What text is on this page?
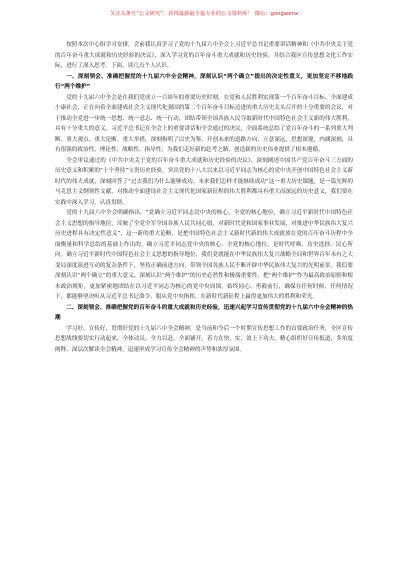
关注头条号“公文研究”，获得最新最全最专业的公文资料库！ 微信：gongwenx

按照本次中心组学习安排，会前我认真学习了党的十九届六中全会上习近平总书记重要讲话精神和《中共中央关于党的百年奋斗重大成就和历史经验的决议》，深入学习党的百年奋斗重大成就和历史经验，并结合我区宣传思想文化工作实际，进行了深入思考。下面，谈几点个人认识。

一、深刻领会、准确把握党的十九届六中全会精神，深刻认识“两个确立”提出的决定性意义，更加坚定不移地践行“两个维护”

党的十九届六中全会是在我们党成立一百周年的重要历史时刻，在党和人民胜利实现第一个百年奋斗目标、全面建成小康社会，正在向着全面建成社会主义现代化强国的第二个百年奋斗目标迈进的重大历史关头召开的十分重要的会议，对于推动全党进一步统一思想、统一意志、统一行动，团结带领全国各族人民夺取新时代中国特色社会主义新的伟大胜利，具有十分重大的意义。习近平总书记在全会上的重要讲话和全会通过的决议，全面系统总结了党百年奋斗的一系列重大判断、重大观点、重大论断、重大举措，深刻指明了以史为鉴、开创未来的道路方向，立意深远，思想深邃，内涵深刻，具有很强的政治性、理论性、战略性、指导性，为我们走好新的赶考之路、创造新的历史伟业提供了根本遵循。

全会审议通过的《中共中央关于党的百年奋斗重大成就和历史经验的决议》，深刻阐述中国共产党百年奋斗三方面的历史意义和积累的“十个坚持”宝贵历史经验，突出党的十八大以来以习近平同志为核心的党中央开创中国特色社会主义新时代的伟大成就，深刻回答了“过去我们为什么能够成功、未来我们怎样才能继续成功”这一重大历史课题，是一篇光辉的马克思主义纲领性文献，对推动全面建设社会主义现代化国家新征程的伟大胜利都具有重大而深远的历史意义，我们要在实践中深入学习，认真贯彻。

党的十九届六中全会明确指出，“党确立习近平同志党中央的核心、全党的核心地位，确立习近平新时代中国特色社会主义思想的指导地位，反映了全党全军全国各族人民共同心愿，对新时代党和国家事业发展，对推进中华民族伟大复兴历史进程具有决定性意义”，这一新的重大论断，是把中国特色社会主义新时代新的伟大成就放在党的百年奋斗历程中全面衡量和科学总结的基础上作出的。确立习近平同志党中央的核心、全党的核心地位，是时代呼唤、历史选择、民心所向。确立习近平新时代中国特色社会主义思想的指导地位，我们党就能在中华民族伟大复兴战略全局和世界百年未有之大变局深度演进互动的复杂条件下，坚持正确前进方向，带领全国各族人民不断开辟中华民族伟大复兴的光明前景。我们要深刻认识“两个确立”的重大意义，深刻认识“两个维护”的历史必然性和极端重要性，把“两个维护”作为最高政治原则和根本政治规矩，更加紧密地团结在以习近平同志为核心的党中央周围，始终同心、勇毅前行，确保在任何时候、任何情况下，都能够坚决听从习近平总书记命令、服从党中央指挥，在新时代新征程上赢得更加伟大的胜利和荣光。

二、深刻领会、准确把握党的百年奋斗的重大成就和历史经验，迅速兴起学习宣传贯彻党的十九届六中全会精神的热潮

学习好、宣传好、贯彻好党的十九届六中全会精神，是当前和今后一个时期宣传思想工作的首要政治任务，全区宣传思想战线要切实行动起来，全体动员、全力以赴、全面铺开，着力在快、实、效上下功夫，精心组织好宣传报道，多角度阐释、深层次解读全会精神，迅速形成学习宣传全会精神的声势和浓厚氛围。
